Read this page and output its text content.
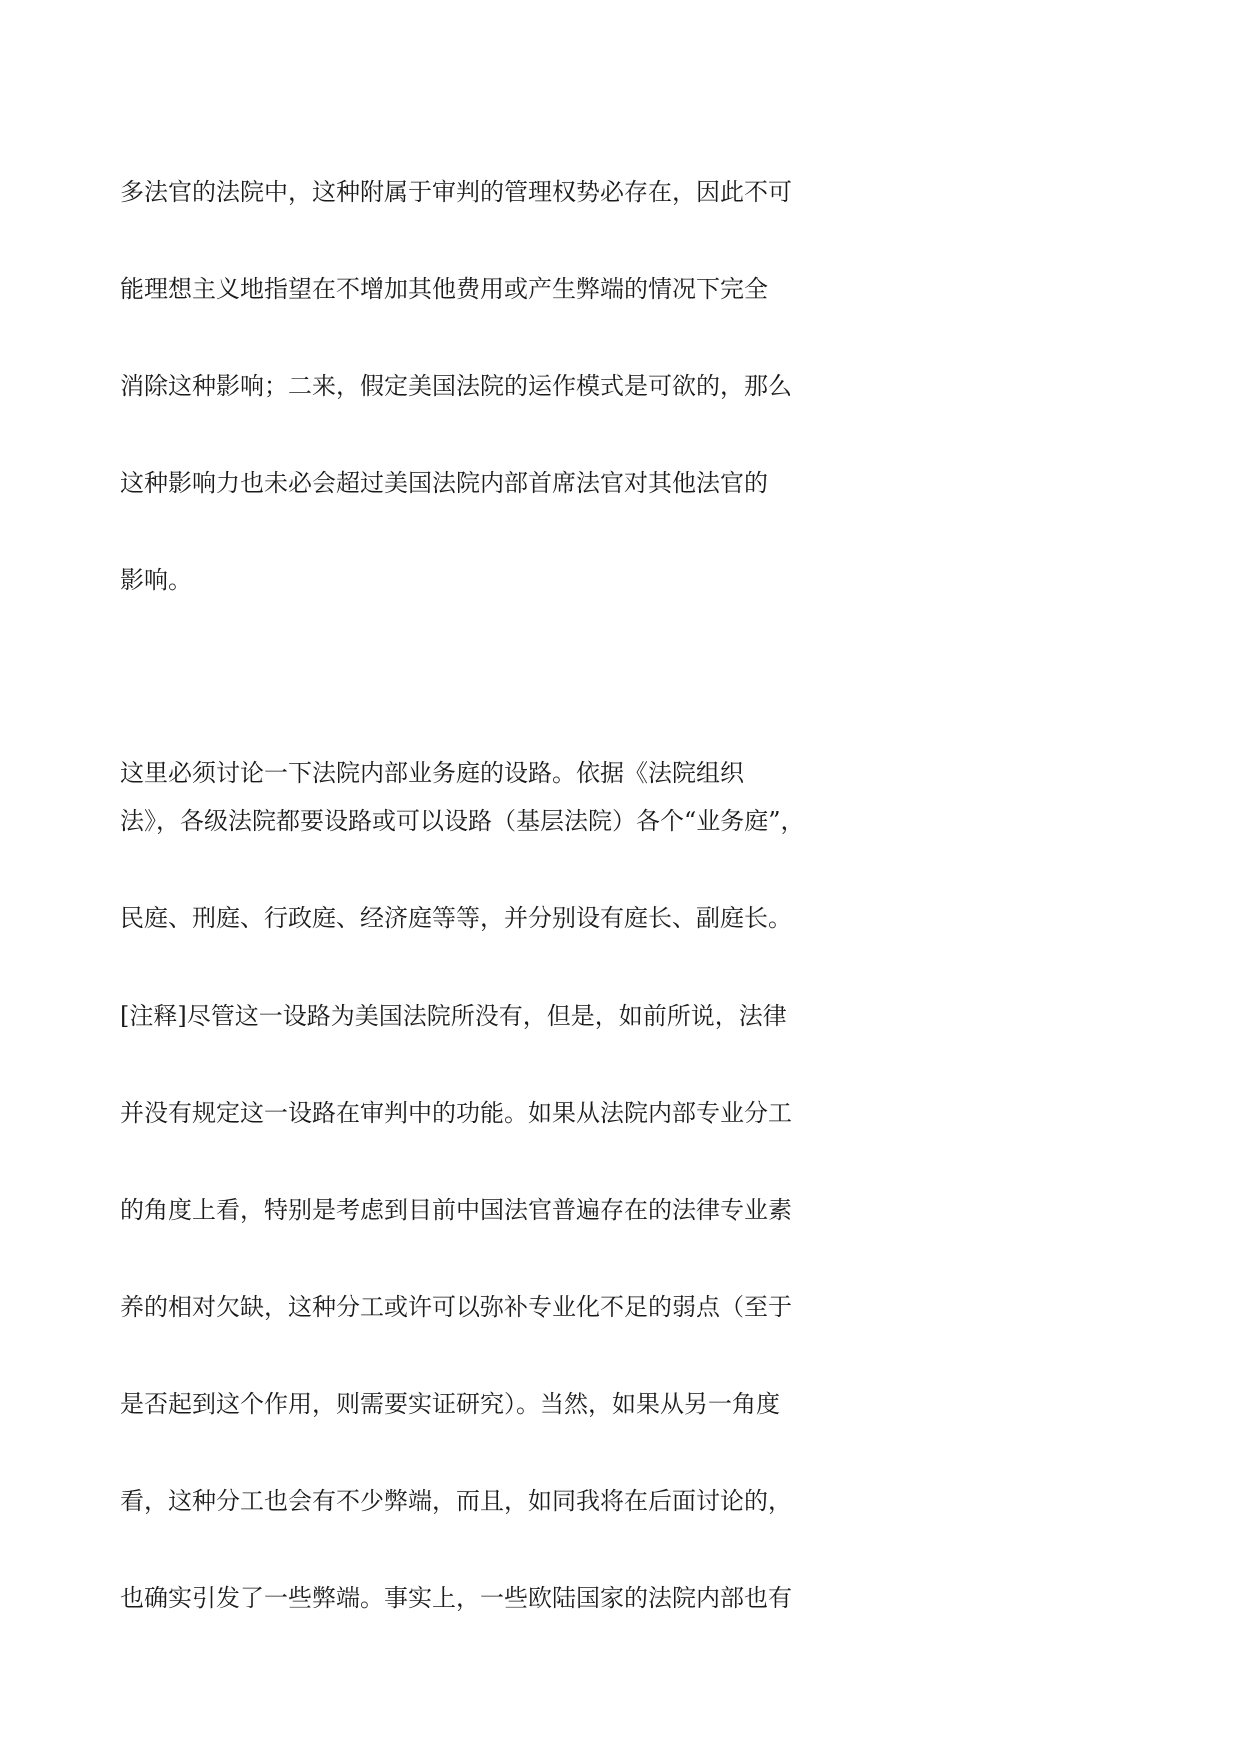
多法官的法院中，这种附属于审判的管理权势必存在，因此不可

能理想主义地指望在不增加其他费用或产生弊端的情况下完全

消除这种影响；二来，假定美国法院的运作模式是可欲的，那么

这种影响力也未必会超过美国法院内部首席法官对其他法官的

影响。

这里必须讨论一下法院内部业务庭的设路。依据《法院组织

法》，各级法院都要设路或可以设路（基层法院）各个“业务庭”，

民庭、刑庭、行政庭、经济庭等等，并分别设有庭长、副庭长。

[注释]尽管这一设路为美国法院所没有，但是，如前所说，法律

并没有规定这一设路在审判中的功能。如果从法院内部专业分工

的角度上看，特别是考虑到目前中国法官普遍存在的法律专业素

养的相对欠缺，这种分工或许可以弥补专业化不足的弱点（至于

是否起到这个作用，则需要实证研究）。当然，如果从另一角度

看，这种分工也会有不少弊端，而且，如同我将在后面讨论的，

也确实引发了一些弊端。事实上，一些欧陆国家的法院内部也有
